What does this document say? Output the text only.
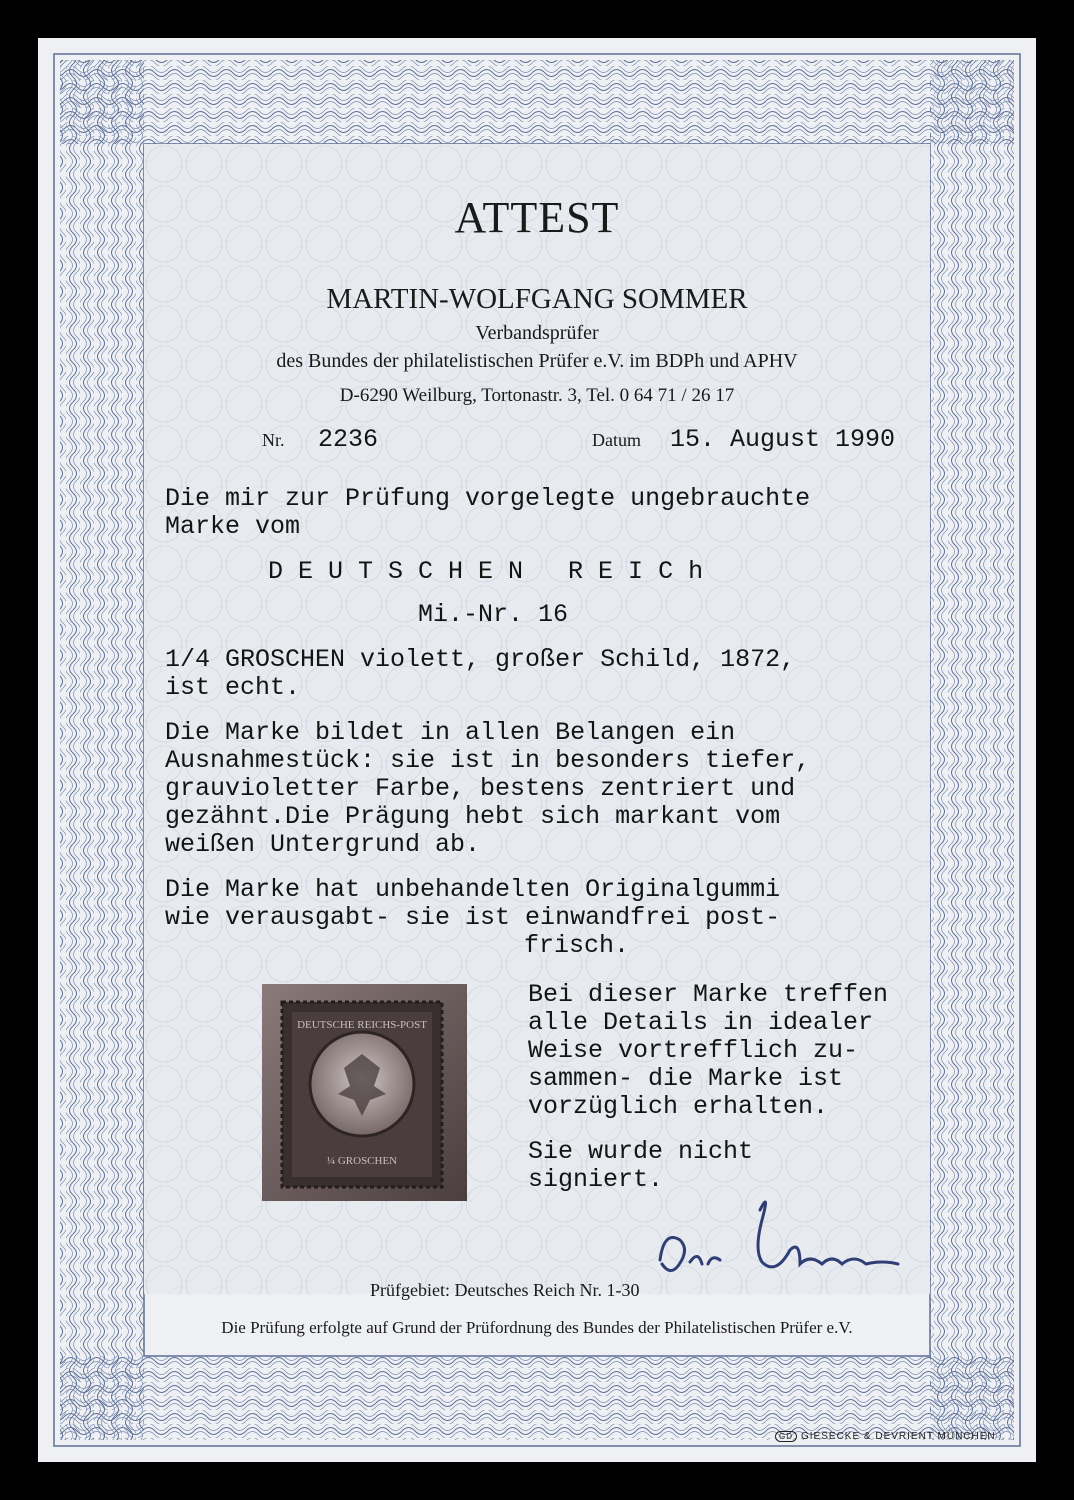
ATTEST
MARTIN-WOLFGANG SOMMER
Verbandsprüfer
des Bundes der philatelistischen Prüfer e.V. im BDPh und APHV
D-6290 Weilburg, Tortonastr. 3, Tel. 0 64 71 / 26 17
Nr. 2236	Datum 15. August 1990
Die mir zur Prüfung vorgelegte ungebrauchte
Marke vom
D E U T S C H E N   R E I C h
Mi.-Nr. 16
1/4 GROSCHEN violett, großer Schild, 1872,
ist echt.
Die Marke bildet in allen Belangen ein
Ausnahmestück: sie ist in besonders tiefer,
grauvioletter Farbe, bestens zentriert und
gezähnt.Die Prägung hebt sich markant vom
weißen Untergrund ab.
Die Marke hat unbehandelten Originalgummi
wie verausgabt- sie ist einwandfrei post-
frisch.
Bei dieser Marke treffen
alle Details in idealer
Weise vortrefflich zu-
sammen- die Marke ist
vorzüglich erhalten.
Sie wurde nicht
signiert.
DEUTSCHE REICHS-POST
¼ GROSCHEN
Prüfgebiet: Deutsches Reich Nr. 1-30
Die Prüfung erfolgte auf Grund der Prüfordnung des Bundes der Philatelistischen Prüfer e.V.
GD GIESECKE & DEVRIENT MÜNCHEN
